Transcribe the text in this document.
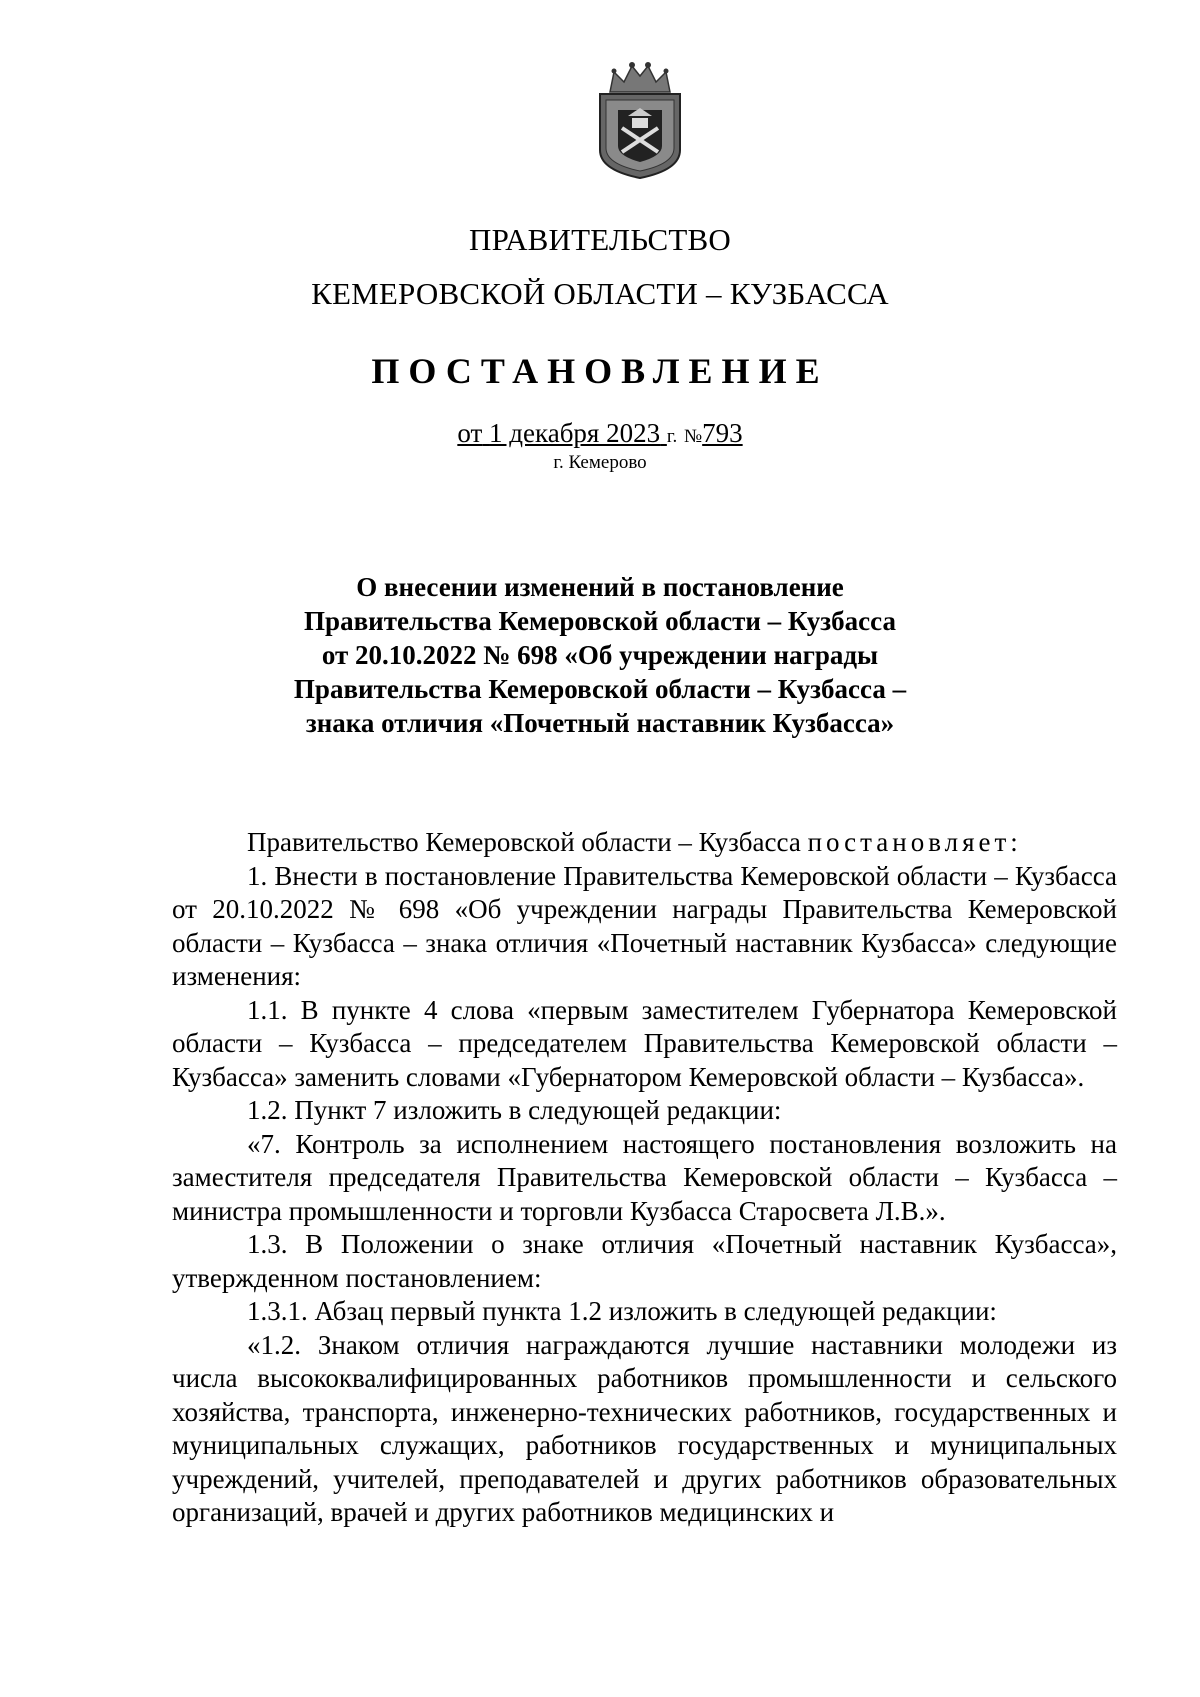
ПРАВИТЕЛЬСТВО
КЕМЕРОВСКОЙ ОБЛАСТИ – КУЗБАССА
ПОСТАНОВЛЕНИЕ
от 1 декабря 2023 г. №793
г. Кемерово
О внесении изменений в постановление
Правительства Кемеровской области – Кузбасса
от 20.10.2022 № 698 «Об учреждении награды
Правительства Кемеровской области – Кузбасса –
знака отличия «Почетный наставник Кузбасса»

Правительство Кемеровской области – Кузбасса постановляет:

1. Внести в постановление Правительства Кемеровской области – Кузбасса от 20.10.2022 № 698 «Об учреждении награды Правительства Кемеровской области – Кузбасса – знака отличия «Почетный наставник Кузбасса» следующие изменения:

1.1. В пункте 4 слова «первым заместителем Губернатора Кемеровской области – Кузбасса – председателем Правительства Кемеровской области – Кузбасса» заменить словами «Губернатором Кемеровской области – Кузбасса».

1.2. Пункт 7 изложить в следующей редакции:

«7. Контроль за исполнением настоящего постановления возложить на заместителя председателя Правительства Кемеровской области – Кузбасса – министра промышленности и торговли Кузбасса Старосвета Л.В.».

1.3. В Положении о знаке отличия «Почетный наставник Кузбасса», утвержденном постановлением:

1.3.1. Абзац первый пункта 1.2 изложить в следующей редакции:

«1.2. Знаком отличия награждаются лучшие наставники молодежи из числа высококвалифицированных работников промышленности и сельского хозяйства, транспорта, инженерно-технических работников, государственных и муниципальных служащих, работников государственных и муниципальных учреждений, учителей, преподавателей и других работников образовательных организаций, врачей и других работников медицинских и
